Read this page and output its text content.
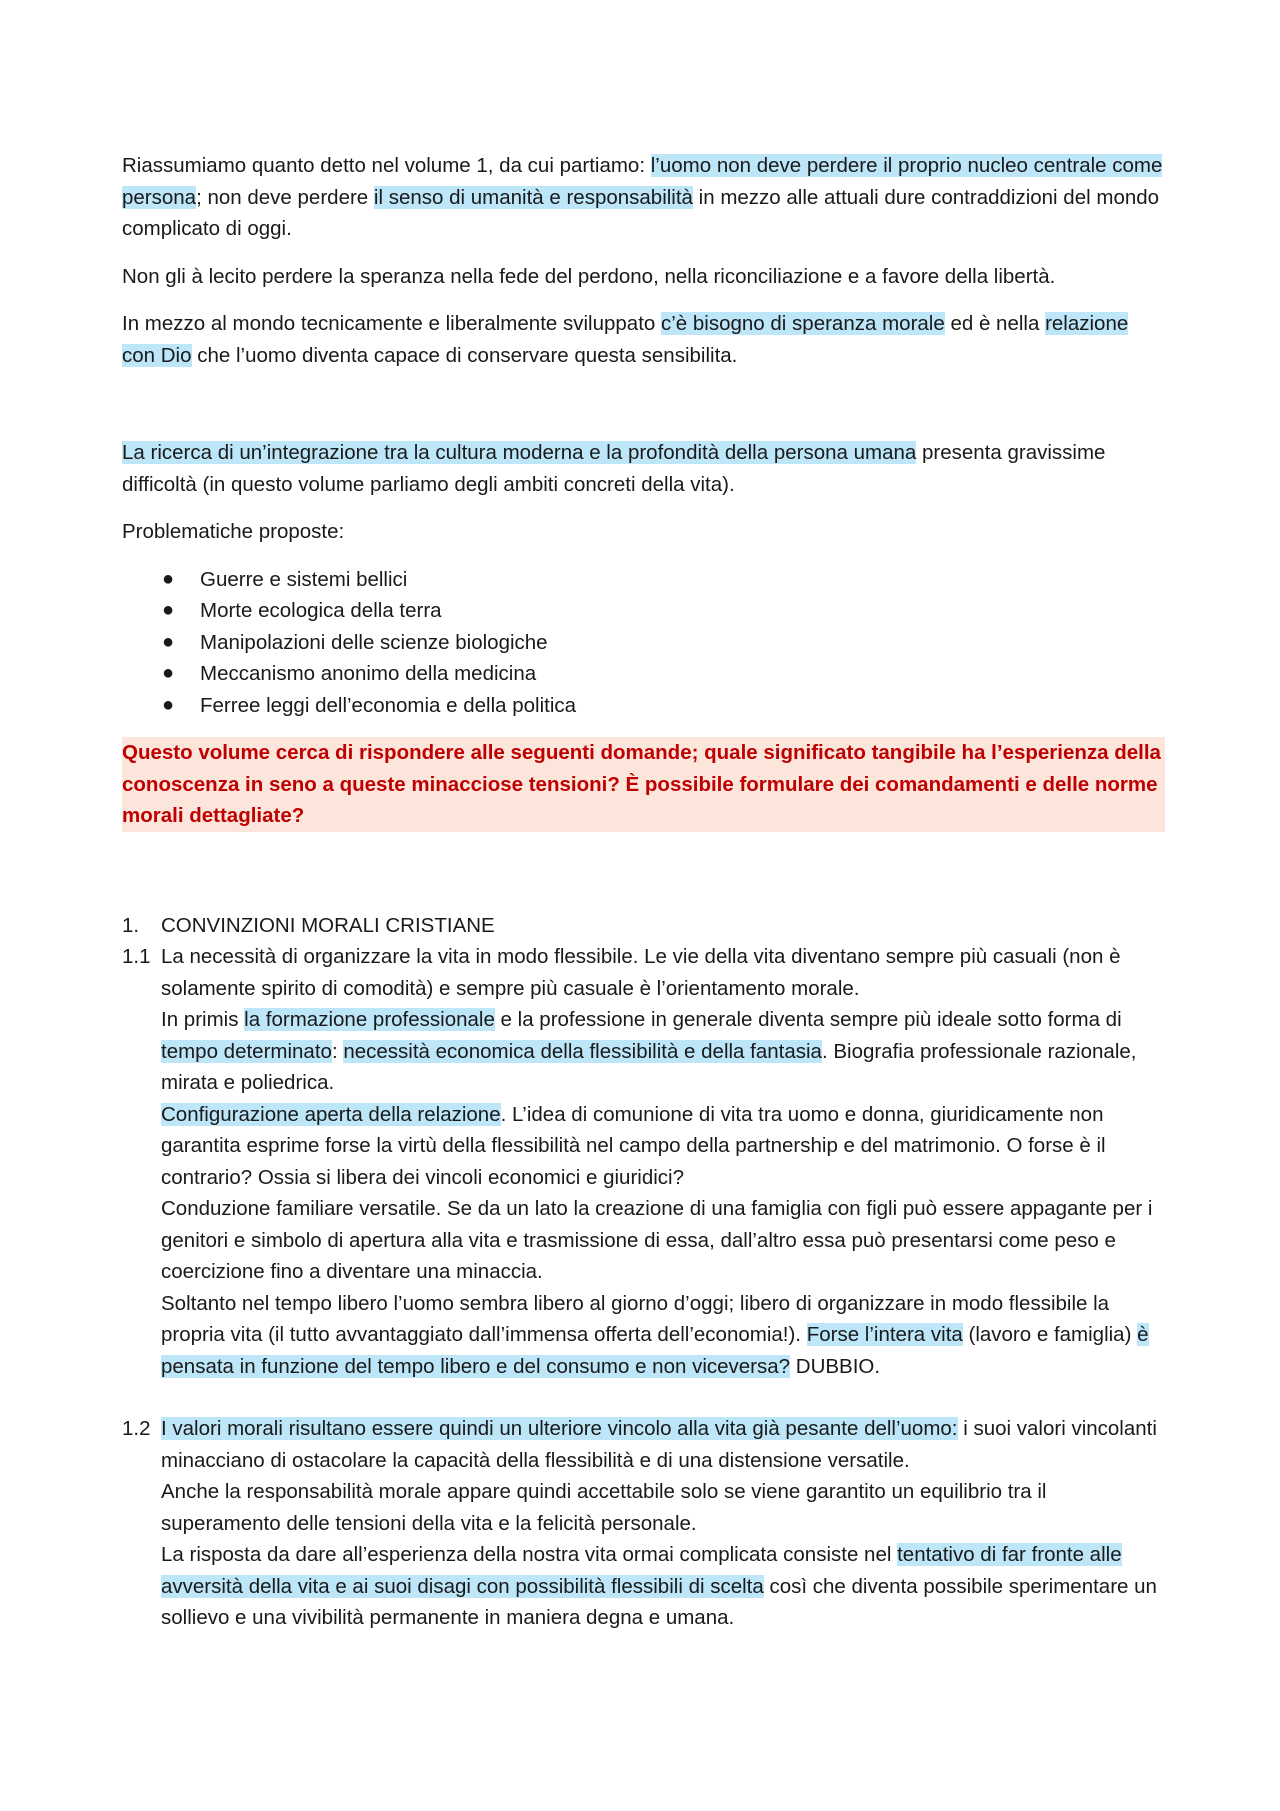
Riassumiamo quanto detto nel volume 1, da cui partiamo: l’uomo non deve perdere il proprio nucleo centrale come persona; non deve perdere il senso di umanità e responsabilità in mezzo alle attuali dure contraddizioni del mondo complicato di oggi.

Non gli à lecito perdere la speranza nella fede del perdono, nella riconciliazione e a favore della libertà.

In mezzo al mondo tecnicamente e liberalmente sviluppato c’è bisogno di speranza morale ed è nella relazione con Dio che l’uomo diventa capace di conservare questa sensibilita.

La ricerca di un’integrazione tra la cultura moderna e la profondità della persona umana presenta gravissime difficoltà (in questo volume parliamo degli ambiti concreti della vita).

Problematiche proposte:

● Guerre e sistemi bellici
● Morte ecologica della terra
● Manipolazioni delle scienze biologiche
● Meccanismo anonimo della medicina
● Ferree leggi dell’economia e della politica

Questo volume cerca di rispondere alle seguenti domande; quale significato tangibile ha l’esperienza della conoscenza in seno a queste minacciose tensioni? È possibile formulare dei comandamenti e delle norme morali dettagliate?

1. CONVINZIONI MORALI CRISTIANE
1.1 La necessità di organizzare la vita in modo flessibile. Le vie della vita diventano sempre più casuali (non è solamente spirito di comodità) e sempre più casuale è l’orientamento morale.
In primis la formazione professionale e la professione in generale diventa sempre più ideale sotto forma di tempo determinato: necessità economica della flessibilità e della fantasia. Biografia professionale razionale, mirata e poliedrica.
Configurazione aperta della relazione. L’idea di comunione di vita tra uomo e donna, giuridicamente non garantita esprime forse la virtù della flessibilità nel campo della partnership e del matrimonio. O forse è il contrario? Ossia si libera dei vincoli economici e giuridici?
Conduzione familiare versatile. Se da un lato la creazione di una famiglia con figli può essere appagante per i genitori e simbolo di apertura alla vita e trasmissione di essa, dall’altro essa può presentarsi come peso e coercizione fino a diventare una minaccia.
Soltanto nel tempo libero l’uomo sembra libero al giorno d’oggi; libero di organizzare in modo flessibile la propria vita (il tutto avvantaggiato dall’immensa offerta dell’economia!). Forse l’intera vita (lavoro e famiglia) è pensata in funzione del tempo libero e del consumo e non viceversa? DUBBIO.
1.2 I valori morali risultano essere quindi un ulteriore vincolo alla vita già pesante dell’uomo: i suoi valori vincolanti minacciano di ostacolare la capacità della flessibilità e di una distensione versatile.
Anche la responsabilità morale appare quindi accettabile solo se viene garantito un equilibrio tra il superamento delle tensioni della vita e la felicità personale.
La risposta da dare all’esperienza della nostra vita ormai complicata consiste nel tentativo di far fronte alle avversità della vita e ai suoi disagi con possibilità flessibili di scelta così che diventa possibile sperimentare un sollievo e una vivibilità permanente in maniera degna e umana.
